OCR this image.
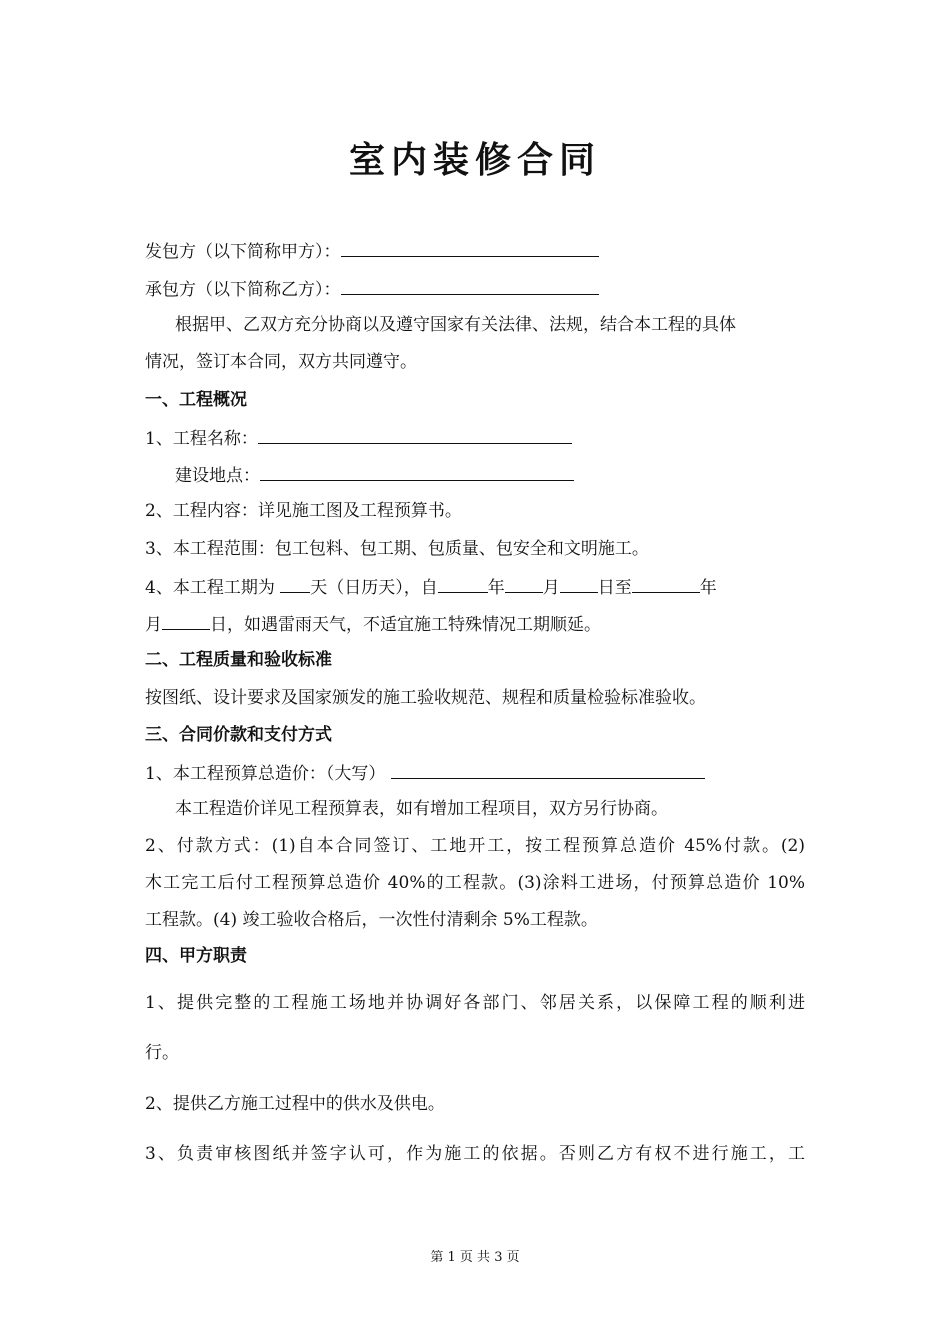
室内装修合同
发包方（以下简称甲方）：
承包方（以下简称乙方）：
根据甲、乙双方充分协商以及遵守国家有关法律、法规，结合本工程的具体
情况，签订本合同，双方共同遵守。
一、工程概况
1、工程名称：
建设地点：
2、工程内容：详见施工图及工程预算书。
3、本工程范围：包工包料、包工期、包质量、包安全和文明施工。
4、本工程工期为 天（日历天），自	年 月 日至	年
月	日，如遇雷雨天气，不适宜施工特殊情况工期顺延。
二、工程质量和验收标准
按图纸、设计要求及国家颁发的施工验收规范、规程和质量检验标准验收。
三、合同价款和支付方式
1、本工程预算总造价：（大写）
本工程造价详见工程预算表，如有增加工程项目，双方另行协商。
2、付款方式：(1)自本合同签订、工地开工，按工程预算总造价 45%付款。(2)
木工完工后付工程预算总造价 40%的工程款。(3)涂料工进场，付预算总造价 10%
工程款。(4) 竣工验收合格后，一次性付清剩余 5%工程款。
四、甲方职责
1、提供完整的工程施工场地并协调好各部门、邻居关系，以保障工程的顺利进
行。
2、提供乙方施工过程中的供水及供电。
3、负责审核图纸并签字认可，作为施工的依据。否则乙方有权不进行施工，工
第 1 页 共 3 页
